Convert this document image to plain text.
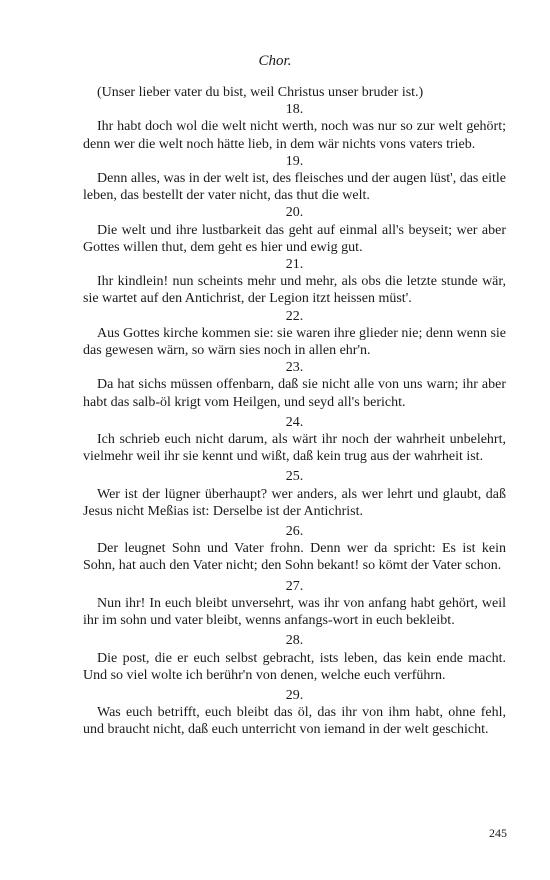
Chor.

(Unser lieber vater du bist, weil Christus unser bruder ist.)

18.

Ihr habt doch wol die welt nicht werth, noch was nur so zur welt gehört; denn wer die welt noch hätte lieb, in dem wär nichts vons vaters trieb.

19.

Denn alles, was in der welt ist, des fleisches und der augen lüst', das eitle leben, das bestellt der vater nicht, das thut die welt.

20.

Die welt und ihre lustbarkeit das geht auf einmal all's beyseit; wer aber Gottes willen thut, dem geht es hier und ewig gut.

21.

Ihr kindlein! nun scheints mehr und mehr, als obs die letzte stunde wär, sie wartet auf den Antichrist, der Legion itzt heissen müst'.

22.

Aus Gottes kirche kommen sie: sie waren ihre glieder nie; denn wenn sie das gewesen wärn, so wärn sies noch in allen ehr'n.

23.

Da hat sichs müssen offenbarn, daß sie nicht alle von uns warn; ihr aber habt das salb-öl krigt vom Heilgen, und seyd all's bericht.

24.

Ich schrieb euch nicht darum, als wärt ihr noch der wahrheit unbelehrt, vielmehr weil ihr sie kennt und wißt, daß kein trug aus der wahrheit ist.

25.

Wer ist der lügner überhaupt? wer anders, als wer lehrt und glaubt, daß Jesus nicht Meßias ist: Derselbe ist der Antichrist.

26.

Der leugnet Sohn und Vater frohn. Denn wer da spricht: Es ist kein Sohn, hat auch den Vater nicht; den Sohn bekant! so kömt der Vater schon.

27.

Nun ihr! In euch bleibt unversehrt, was ihr von anfang habt gehört, weil ihr im sohn und vater bleibt, wenns anfangs-wort in euch bekleibt.

28.

Die post, die er euch selbst gebracht, ists leben, das kein ende macht. Und so viel wolte ich berühr'n von denen, welche euch verführn.

29.

Was euch betrifft, euch bleibt das öl, das ihr von ihm habt, ohne fehl, und braucht nicht, daß euch unterricht von iemand in der welt geschicht.

245
